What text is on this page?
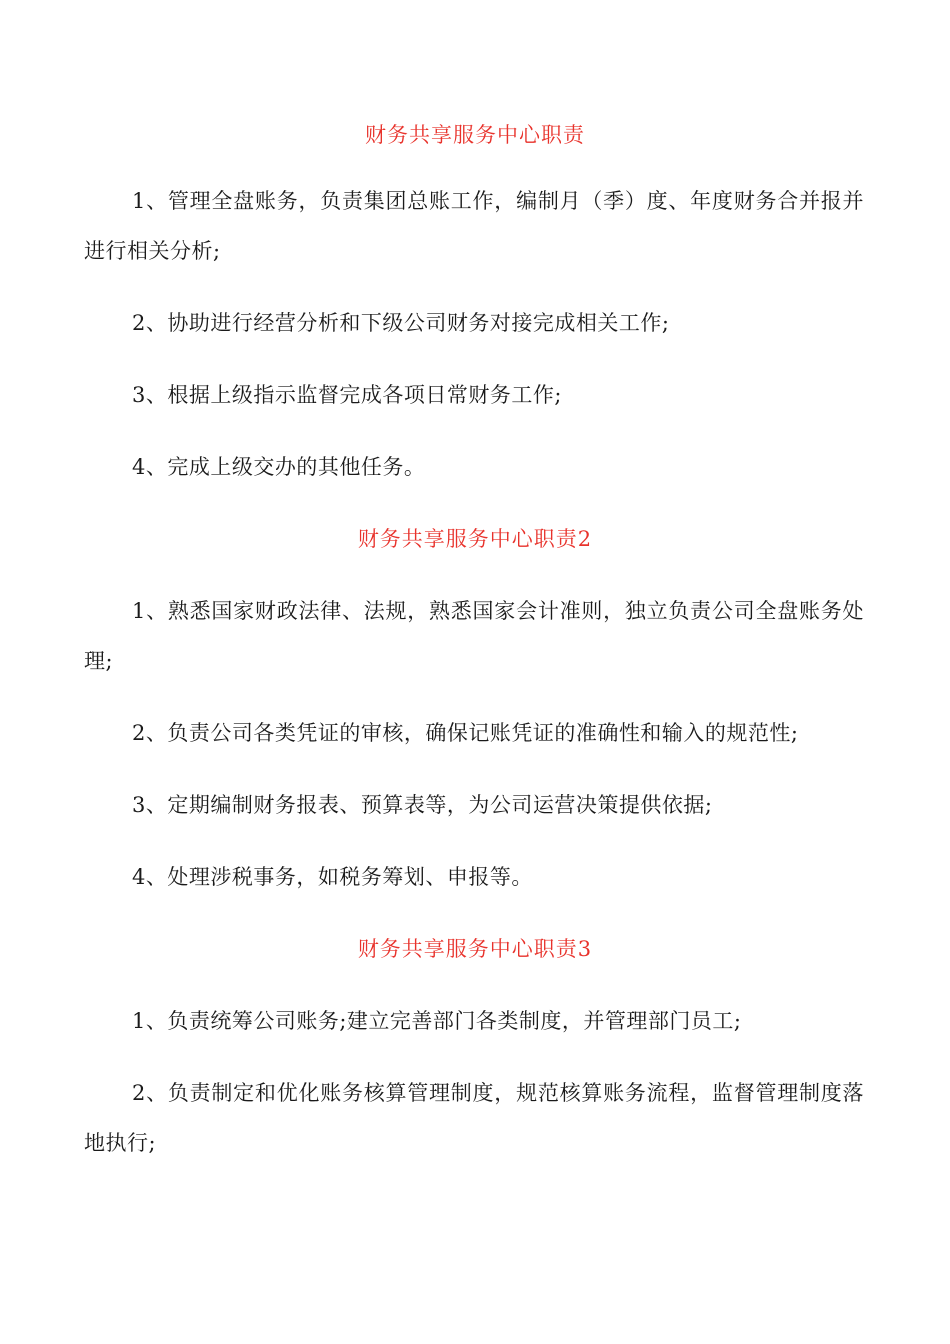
财务共享服务中心职责

1、管理全盘账务，负责集团总账工作，编制月（季）度、年度财务合并报并进行相关分析;

2、协助进行经营分析和下级公司财务对接完成相关工作;

3、根据上级指示监督完成各项日常财务工作;

4、完成上级交办的其他任务。

财务共享服务中心职责2

1、熟悉国家财政法律、法规，熟悉国家会计准则，独立负责公司全盘账务处理;

2、负责公司各类凭证的审核，确保记账凭证的准确性和输入的规范性;

3、定期编制财务报表、预算表等，为公司运营决策提供依据;

4、处理涉税事务，如税务筹划、申报等。

财务共享服务中心职责3

1、负责统筹公司账务;建立完善部门各类制度，并管理部门员工;

2、负责制定和优化账务核算管理制度，规范核算账务流程，监督管理制度落地执行;
